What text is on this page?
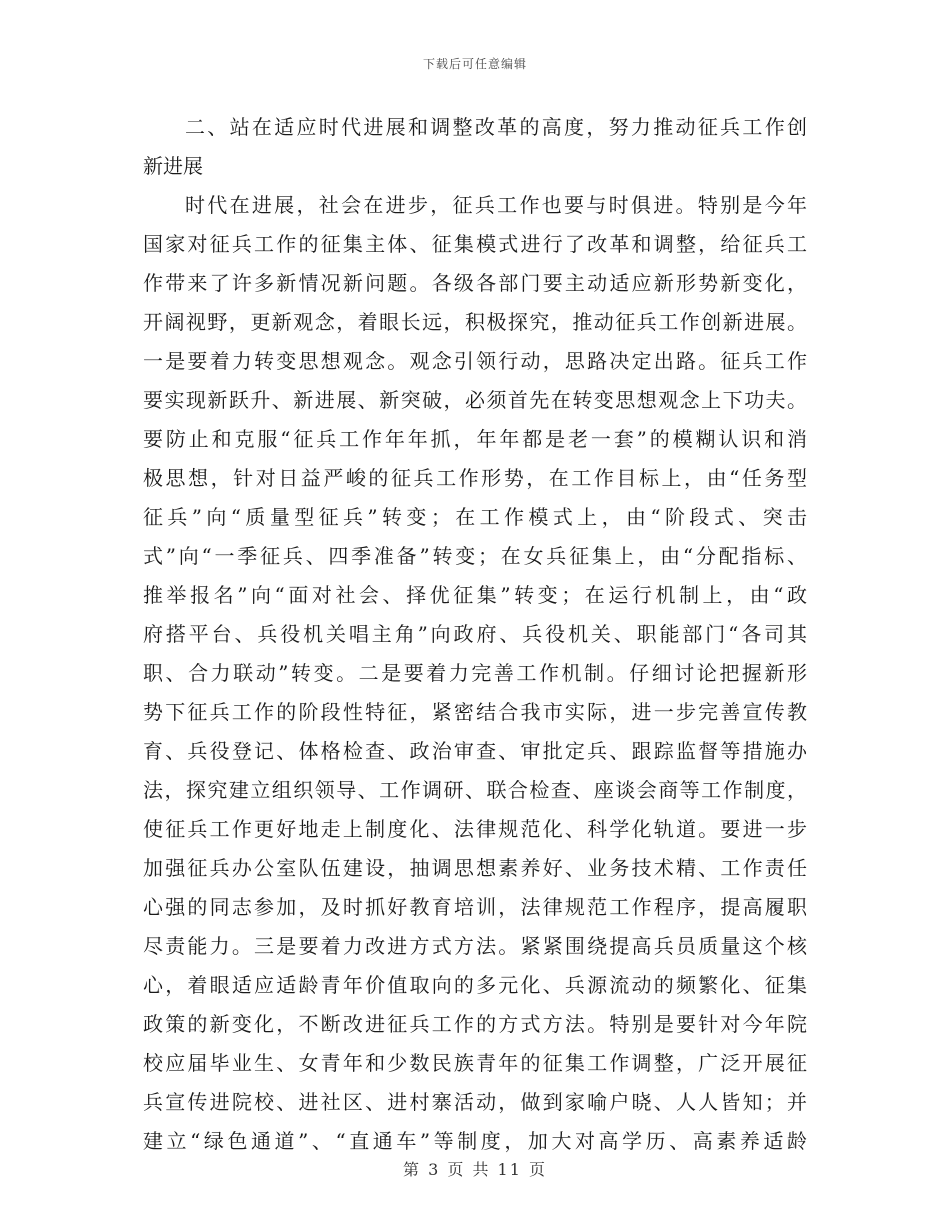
下载后可任意编辑
二、站在适应时代进展和调整改革的高度，努力推动征兵工作创
新进展
时代在进展，社会在进步，征兵工作也要与时俱进。特别是今年
国家对征兵工作的征集主体、征集模式进行了改革和调整，给征兵工
作带来了许多新情况新问题。各级各部门要主动适应新形势新变化，
开阔视野，更新观念，着眼长远，积极探究，推动征兵工作创新进展。
一是要着力转变思想观念。观念引领行动，思路决定出路。征兵工作
要实现新跃升、新进展、新突破，必须首先在转变思想观念上下功夫。
要防止和克服“征兵工作年年抓，年年都是老一套”的模糊认识和消
极思想，针对日益严峻的征兵工作形势，在工作目标上，由“任务型
征兵”向“质量型征兵”转变；在工作模式上，由“阶段式、突击
式”向“一季征兵、四季准备”转变；在女兵征集上，由“分配指标、
推举报名”向“面对社会、择优征集”转变；在运行机制上，由“政
府搭平台、兵役机关唱主角”向政府、兵役机关、职能部门“各司其
职、合力联动”转变。二是要着力完善工作机制。仔细讨论把握新形
势下征兵工作的阶段性特征，紧密结合我市实际，进一步完善宣传教
育、兵役登记、体格检查、政治审查、审批定兵、跟踪监督等措施办
法，探究建立组织领导、工作调研、联合检查、座谈会商等工作制度，
使征兵工作更好地走上制度化、法律规范化、科学化轨道。要进一步
加强征兵办公室队伍建设，抽调思想素养好、业务技术精、工作责任
心强的同志参加，及时抓好教育培训，法律规范工作程序，提高履职
尽责能力。三是要着力改进方式方法。紧紧围绕提高兵员质量这个核
心，着眼适应适龄青年价值取向的多元化、兵源流动的频繁化、征集
政策的新变化，不断改进征兵工作的方式方法。特别是要针对今年院
校应届毕业生、女青年和少数民族青年的征集工作调整，广泛开展征
兵宣传进院校、进社区、进村寨活动，做到家喻户晓、人人皆知；并
建立“绿色通道”、“直通车”等制度，加大对高学历、高素养适龄
第 3 页 共 11 页
